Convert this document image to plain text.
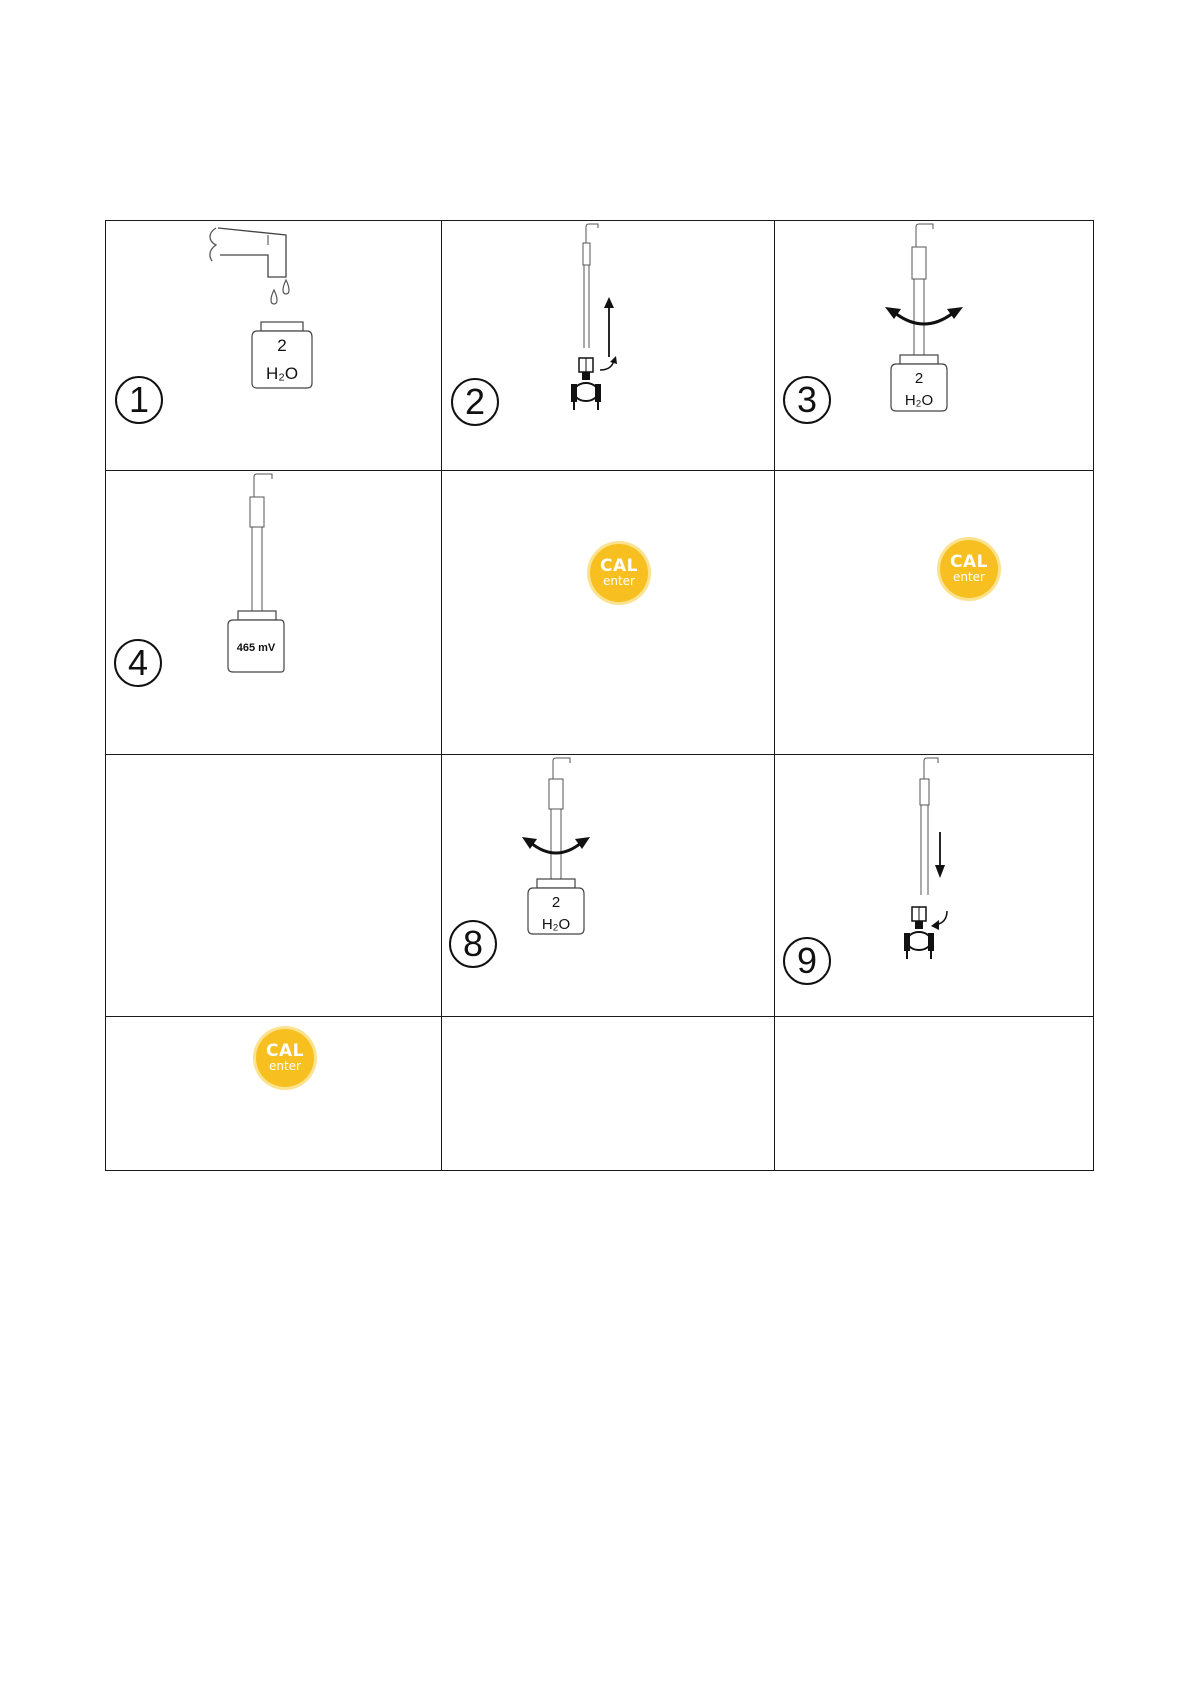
2
H₂O
1	2	2
H₂O
3

465 mV
4	CAL
enter	CAL
enter

2
H₂O
8	9

CAL
enter		
